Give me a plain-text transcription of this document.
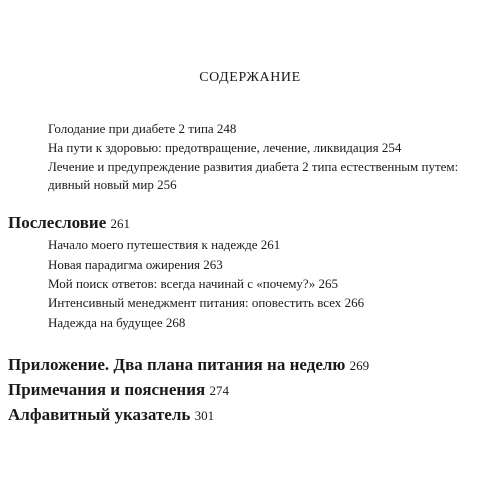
СОДЕРЖАНИЕ
Голодание при диабете 2 типа 248
На пути к здоровью: предотвращение, лечение, ликвидация 254
Лечение и предупреждение развития диабета 2 типа естественным путем:
дивный новый мир 256
Послесловие 261
Начало моего путешествия к надежде 261
Новая парадигма ожирения 263
Мой поиск ответов: всегда начинай с «почему?» 265
Интенсивный менеджмент питания: оповестить всех 266
Надежда на будущее 268
Приложение. Два плана питания на неделю 269
Примечания и пояснения 274
Алфавитный указатель 301
